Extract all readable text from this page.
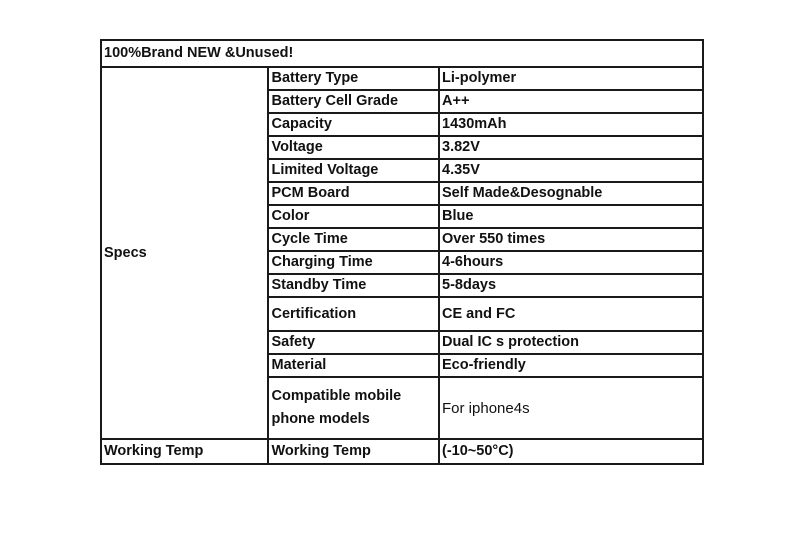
100%Brand NEW &Unused!		
Specs	Battery Type	Li-polymer
	Battery Cell Grade	A++
	Capacity	1430mAh
	Voltage	3.82V
	Limited Voltage	4.35V
	PCM Board	Self Made&Desognable
	Color	Blue
	Cycle Time	Over 550 times
	Charging Time	4-6hours
	Standby Time	5-8days
	Certification	CE and FC
	Safety	Dual IC s protection
	Material	Eco-friendly
	Compatible mobile phone models	For iphone4s
Working Temp	Working Temp	(-10~50°C)
